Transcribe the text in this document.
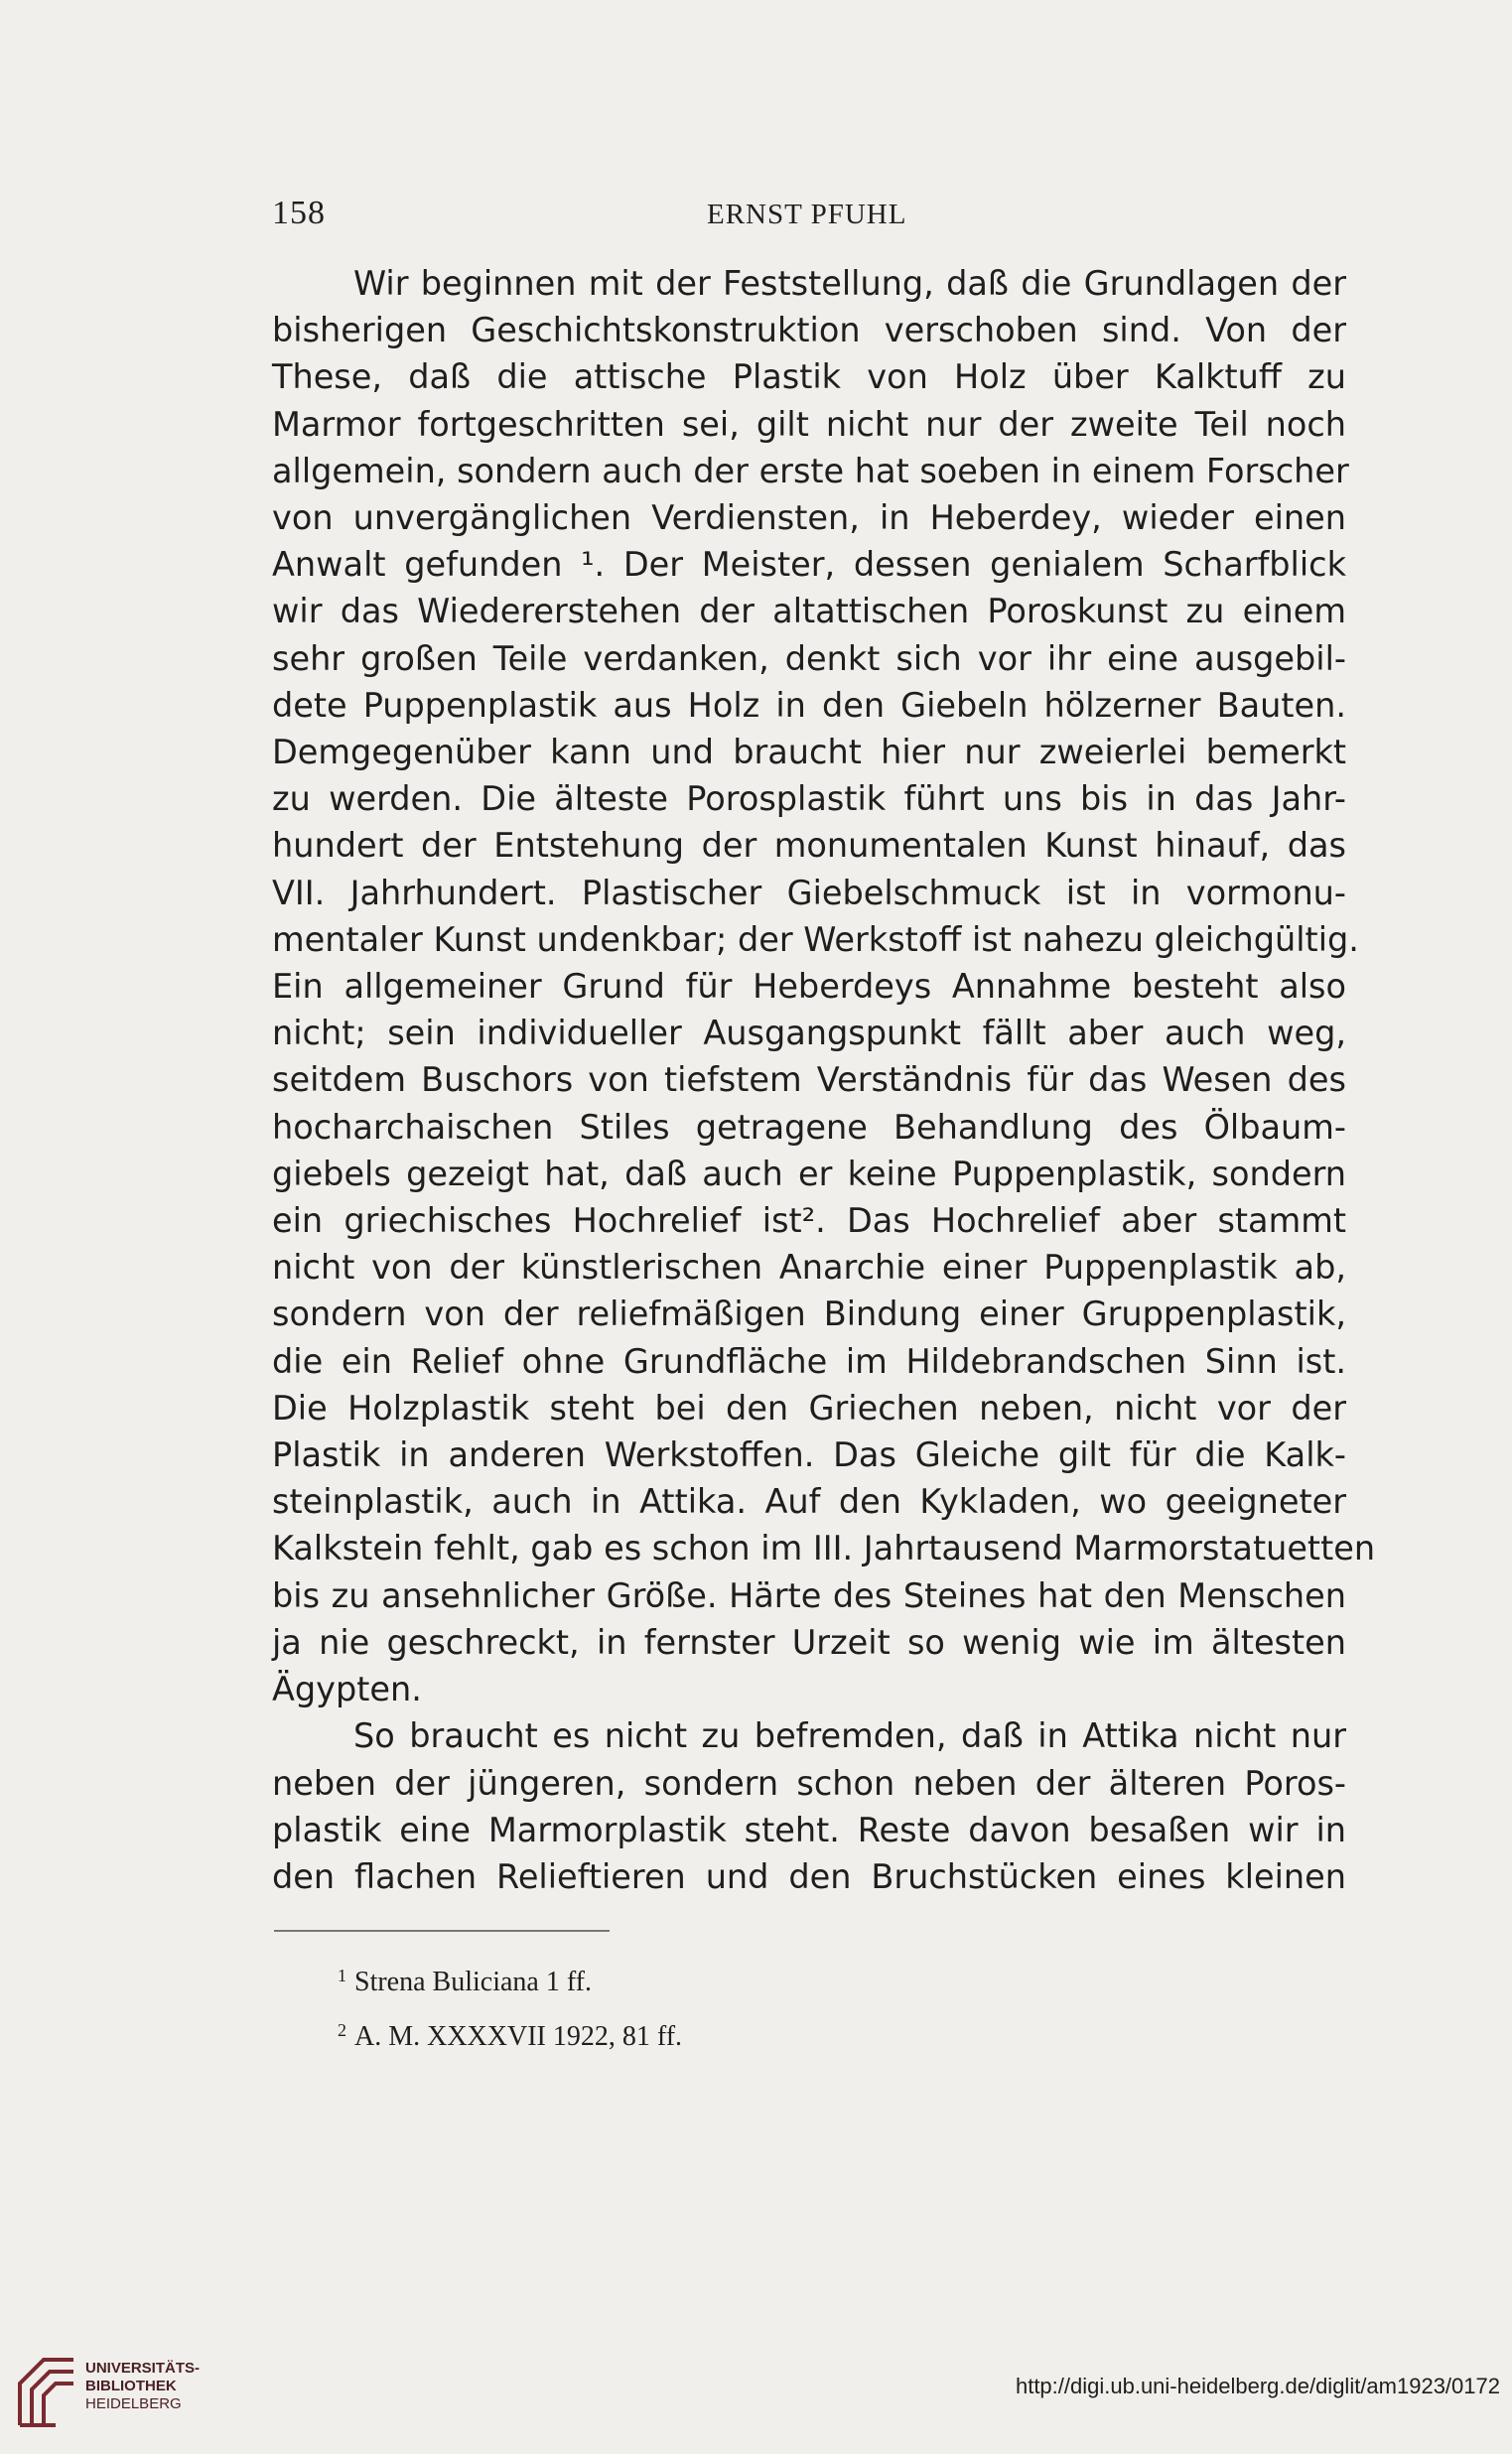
158	ERNST PFUHL
Wir beginnen mit der Feststellung, daß die Grundlagen der
bisherigen Geschichtskonstruktion verschoben sind. Von der
These, daß die attische Plastik von Holz über Kalktuff zu
Marmor fortgeschritten sei, gilt nicht nur der zweite Teil noch
allgemein, sondern auch der erste hat soeben in einem Forscher
von unvergänglichen Verdiensten, in Heberdey, wieder einen
Anwalt gefunden ¹. Der Meister, dessen genialem Scharfblick
wir das Wiedererstehen der altattischen Poroskunst zu einem
sehr großen Teile verdanken, denkt sich vor ihr eine ausgebil-
dete Puppenplastik aus Holz in den Giebeln hölzerner Bauten.
Demgegenüber kann und braucht hier nur zweierlei bemerkt
zu werden. Die älteste Porosplastik führt uns bis in das Jahr-
hundert der Entstehung der monumentalen Kunst hinauf, das
VII. Jahrhundert. Plastischer Giebelschmuck ist in vormonu-
mentaler Kunst undenkbar; der Werkstoff ist nahezu gleichgültig.
Ein allgemeiner Grund für Heberdeys Annahme besteht also
nicht; sein individueller Ausgangspunkt fällt aber auch weg,
seitdem Buschors von tiefstem Verständnis für das Wesen des
hocharchaischen Stiles getragene Behandlung des Ölbaum-
giebels gezeigt hat, daß auch er keine Puppenplastik, sondern
ein griechisches Hochrelief ist². Das Hochrelief aber stammt
nicht von der künstlerischen Anarchie einer Puppenplastik ab,
sondern von der reliefmäßigen Bindung einer Gruppenplastik,
die ein Relief ohne Grundfläche im Hildebrandschen Sinn ist.
Die Holzplastik steht bei den Griechen neben, nicht vor der
Plastik in anderen Werkstoffen. Das Gleiche gilt für die Kalk-
steinplastik, auch in Attika. Auf den Kykladen, wo geeigneter
Kalkstein fehlt, gab es schon im III. Jahrtausend Marmorstatuetten
bis zu ansehnlicher Größe. Härte des Steines hat den Menschen
ja nie geschreckt, in fernster Urzeit so wenig wie im ältesten
Ägypten.
So braucht es nicht zu befremden, daß in Attika nicht nur
neben der jüngeren, sondern schon neben der älteren Poros-
plastik eine Marmorplastik steht. Reste davon besaßen wir in
den flachen Relieftieren und den Bruchstücken eines kleinen
$^1$ Strena Buliciana 1 ff.
$^2$ A. M. XXXXVII 1922, 81 ff.
UNIVERSITÄTS-
BIBLIOTHEK
HEIDELBERG
http://digi.ub.uni-heidelberg.de/diglit/am1923/0172
